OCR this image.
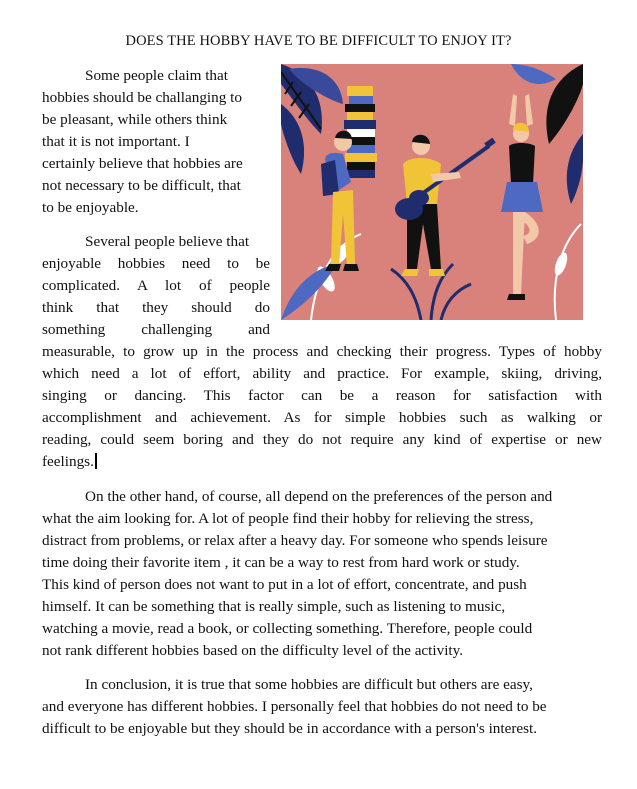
DOES THE HOBBY HAVE TO BE DIFFICULT TO ENJOY IT?
Some people claim that
hobbies should be challanging to
be pleasant, while others think
that it is not important. I
certainly believe that hobbies are
not necessary to be difficult, that
to be enjoyable.
Several people believe that
enjoyable hobbies need to be
complicated. A lot of people
think that they should do
something challenging and
measurable, to grow up in the process and checking their progress. Types of hobby
which need a lot of effort, ability and practice. For example, skiing, driving,
singing or dancing. This factor can be a reason for satisfaction with
accomplishment and achievement. As for simple hobbies such as walking or
reading, could seem boring and they do not require any kind of expertise or new
feelings.
On the other hand, of course, all depend on the preferences of the person and
what the aim looking for. A lot of people find their hobby for relieving the stress,
distract from problems, or relax after a heavy day. For someone who spends leisure
time doing their favorite item , it can be a way to rest from hard work or study.
This kind of person does not want to put in a lot of effort, concentrate, and push
himself. It can be something that is really simple, such as listening to music,
watching a movie, read a book, or collecting something. Therefore, people could
not rank different hobbies based on the difficulty level of the activity.
In conclusion, it is true that some hobbies are difficult but others are easy,
and everyone has different hobbies. I personally feel that hobbies do not need to be
difficult to be enjoyable but they should be in accordance with a person's interest.
